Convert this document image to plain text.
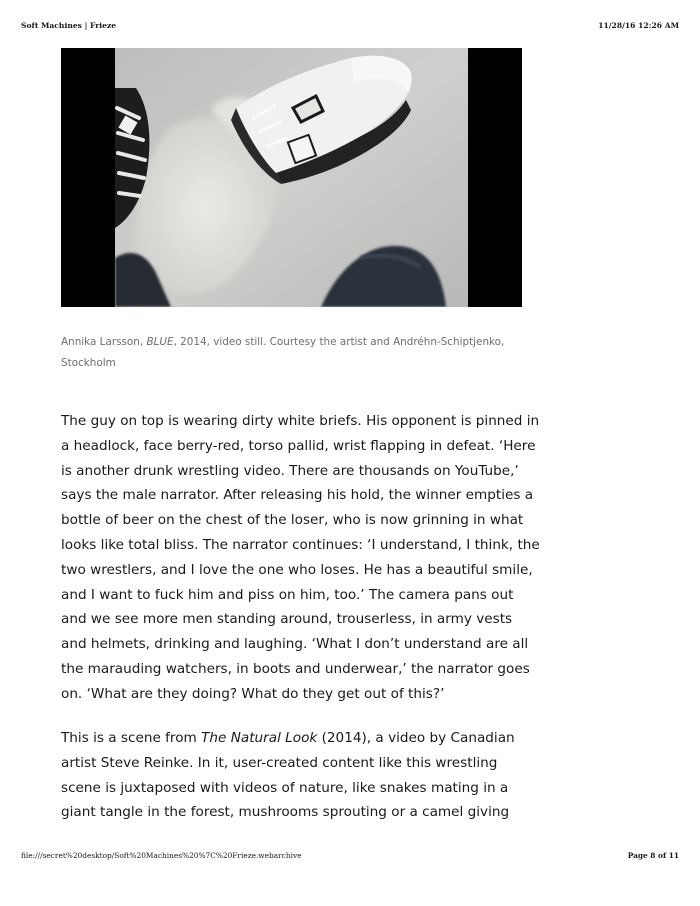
Soft Machines | Frieze	11/28/16 12:26 AM
Annika Larsson, BLUE, 2014, video still. Courtesy the artist and Andréhn-Schiptjenko,
Stockholm
The guy on top is wearing dirty white briefs. His opponent is pinned in
a headlock, face berry-red, torso pallid, wrist flapping in defeat. ‘Here
is another drunk wrestling video. There are thousands on YouTube,’
says the male narrator. After releasing his hold, the winner empties a
bottle of beer on the chest of the loser, who is now grinning in what
looks like total bliss. The narrator continues: ‘I understand, I think, the
two wrestlers, and I love the one who loses. He has a beautiful smile,
and I want to fuck him and piss on him, too.’ The camera pans out
and we see more men standing around, trouserless, in army vests
and helmets, drinking and laughing. ‘What I don’t understand are all
the marauding watchers, in boots and underwear,’ the narrator goes
on. ‘What are they doing? What do they get out of this?’
This is a scene from The Natural Look (2014), a video by Canadian
artist Steve Reinke. In it, user-created content like this wrestling
scene is juxtaposed with videos of nature, like snakes mating in a
giant tangle in the forest, mushrooms sprouting or a camel giving
file:///secret%20desktop/Soft%20Machines%20%7C%20Frieze.webarchive	Page 8 of 11
